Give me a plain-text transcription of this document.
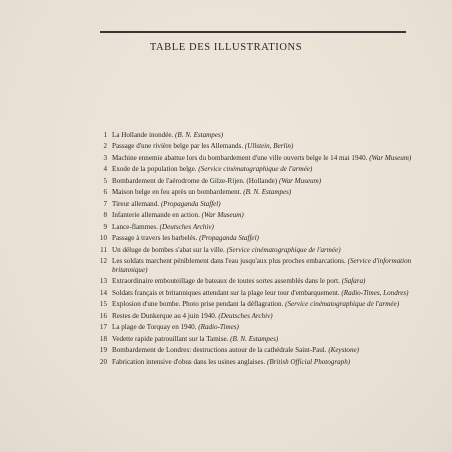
TABLE DES ILLUSTRATIONS
1 La Hollande inondée. (B. N. Estampes)
2 Passage d'une rivière belge par les Allemands. (Ullstein, Berlin)
3 Machine ennemie abattue lors du bombardement d'une ville ouverts belge le 14 mai 1940. (War Museum)
4 Exode de la population belge. (Service cinématographique de l'armée)
5 Bombardement de l'aérodrome de Gilze-Rijen. (Hollande) (War Museum)
6 Maison belge en feu après un bombardement. (B. N. Estampes)
7 Tireur allemand. (Propaganda Staffel)
8 Infanterie allemande en action. (War Museum)
9 Lance-flammes. (Deutsches Archiv)
10 Passage à travers les barbelés. (Propaganda Staffel)
11 Un déluge de bombes s'abat sur la ville. (Service cinématographique de l'armée)
12 Les soldats marchent péniblement dans l'eau jusqu'aux plus proches embarcations. (Service d'information britannique)
13 Extraordinaire embouteillage de bateaux de toutes sortes assemblés dans le port. (Safara)
14 Soldats français et britanniques attendant sur la plage leur tour d'embarquement. (Radio-Times, Londres)
15 Explosion d'une bombe. Photo prise pendant la déflagration. (Service cinématographique de l'armée)
16 Restes de Dunkerque au 4 juin 1940. (Deutsches Archiv)
17 La plage de Torquay en 1940. (Radio-Times)
18 Vedette rapide patrouillant sur la Tamise. (B. N. Estampes)
19 Bombardement de Londres: destructions autour de la cathédrale Saint-Paul. (Keystone)
20 Fabrication intensive d'obus dans les usines anglaises. (British Official Photograph)
